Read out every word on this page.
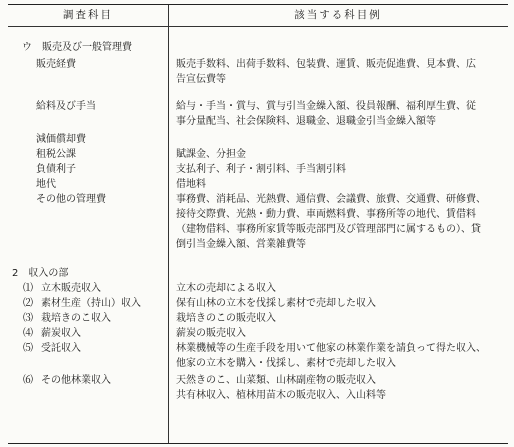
調査科目	該当する科目例
ウ　販売及び一般管理費
販売経費	販売手数料、出荷手数料、包装費、運賃、販売促進費、見本費、広
告宣伝費等
給料及び手当	給与・手当・賞与、賞与引当金繰入額、役員報酬、福利厚生費、従
事分量配当、社会保険料、退職金、退職金引当金繰入額等
減価償却費
租税公課	賦課金、分担金
負債利子	支払利子、利子・割引料、手当割引料
地代	借地料
その他の管理費	事務費、消耗品、光熱費、通信費、会議費、旅費、交通費、研修費、
接待交際費、光熱・動力費、車両燃料費、事務所等の地代、賃借料
（建物借料、事務所家賃等販売部門及び管理部門に属するもの）、貸
倒引当金繰入額、営業雑費等
2　収入の部
⑴ 立木販売収入	立木の売却による収入
⑵ 素材生産（持山）収入	保有山林の立木を伐採し素材で売却した収入
⑶ 栽培きのこ収入	栽培きのこの販売収入
⑷ 薪炭収入	薪炭の販売収入
⑸ 受託収入	林業機械等の生産手段を用いて他家の林業作業を請負って得た収入、
他家の立木を購入・伐採し、素材で売却した収入
⑹ その他林業収入	天然きのこ、山菜類、山林副産物の販売収入
共有林収入、植林用苗木の販売収入、入山料等
